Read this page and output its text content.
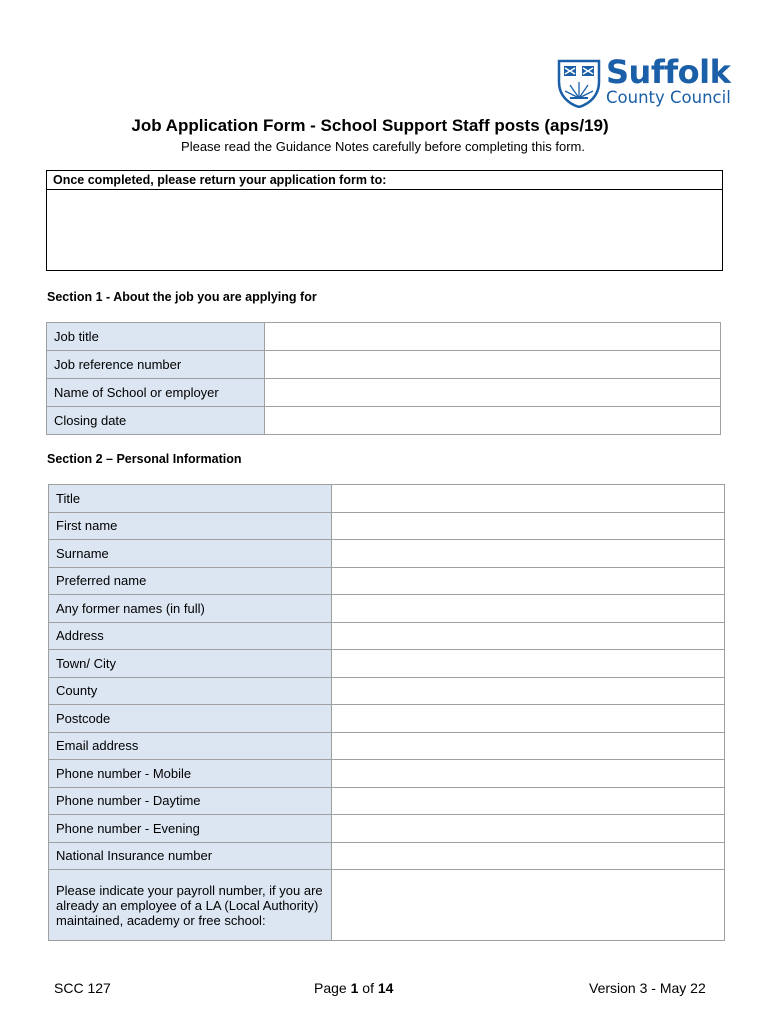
Suffolk
County Council
Job Application Form - School Support Staff posts (aps/19)
Please read the Guidance Notes carefully before completing this form.
Once completed, please return your application form to:
Section 1 - About the job you are applying for
Job title	
Job reference number	
Name of School or employer	
Closing date	
Section 2 – Personal Information
Title	
First name	
Surname	
Preferred name	
Any former names (in full)	
Address	
Town/ City	
County	
Postcode	
Email address	
Phone number - Mobile	
Phone number - Daytime	
Phone number - Evening	
National Insurance number	
Please indicate your payroll number, if you are already an employee of a LA (Local Authority) maintained, academy or free school:	
SCC 127	Page 1 of 14	Version 3 - May 22
